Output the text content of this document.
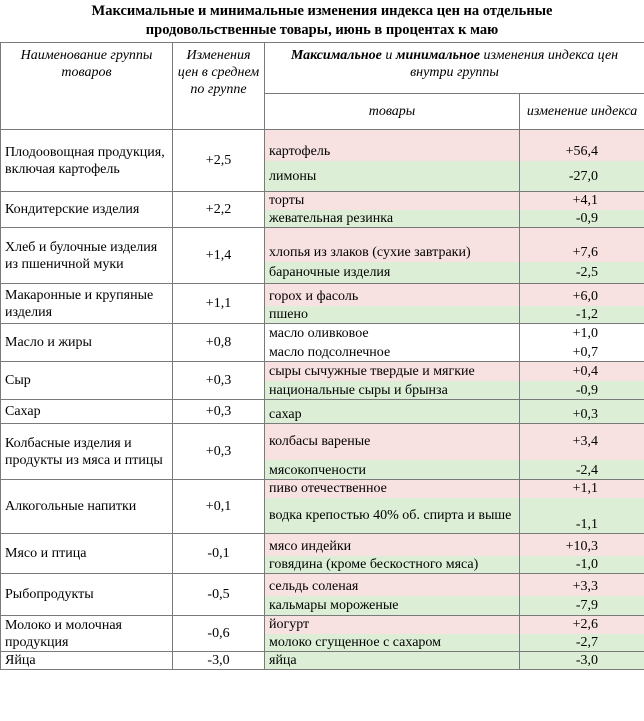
Максимальные и минимальные изменения индекса цен на отдельные
продовольственные товары, июнь в процентах к маю
Наименование группы товаров	Изменения цен в среднем по группе	Максимальное и минимальное изменения индекса цен внутри группы	
		товары	изменение индекса
Плодоовощная продукция, включая картофель	+2,5	картофель	+56,4
		лимоны	-27,0
Кондитерские изделия	+2,2	торты	+4,1
		жевательная резинка	-0,9
Хлеб и булочные изделия из пшеничной муки	+1,4	хлопья из злаков (сухие завтраки)	+7,6
		бараночные изделия	-2,5
Макаронные и крупяные изделия	+1,1	горох и фасоль	+6,0
		пшено	-1,2
Масло и жиры	+0,8	масло оливковое	+1,0
		масло подсолнечное	+0,7
Сыр	+0,3	сыры сычужные твердые и мягкие	+0,4
		национальные сыры и брынза	-0,9
Сахар	+0,3	сахар	+0,3
Колбасные изделия и продукты из мяса и птицы	+0,3	колбасы вареные	+3,4
		мясокопчености	-2,4
Алкогольные напитки	+0,1	пиво отечественное	+1,1
		водка крепостью 40% об. спирта и выше	-1,1
Мясо и птица	-0,1	мясо индейки	+10,3
		говядина (кроме бескостного мяса)	-1,0
Рыбопродукты	-0,5	сельдь соленая	+3,3
		кальмары мороженые	-7,9
Молоко и молочная продукция	-0,6	йогурт	+2,6
		молоко сгущенное с сахаром	-2,7
Яйца	-3,0	яйца	-3,0
